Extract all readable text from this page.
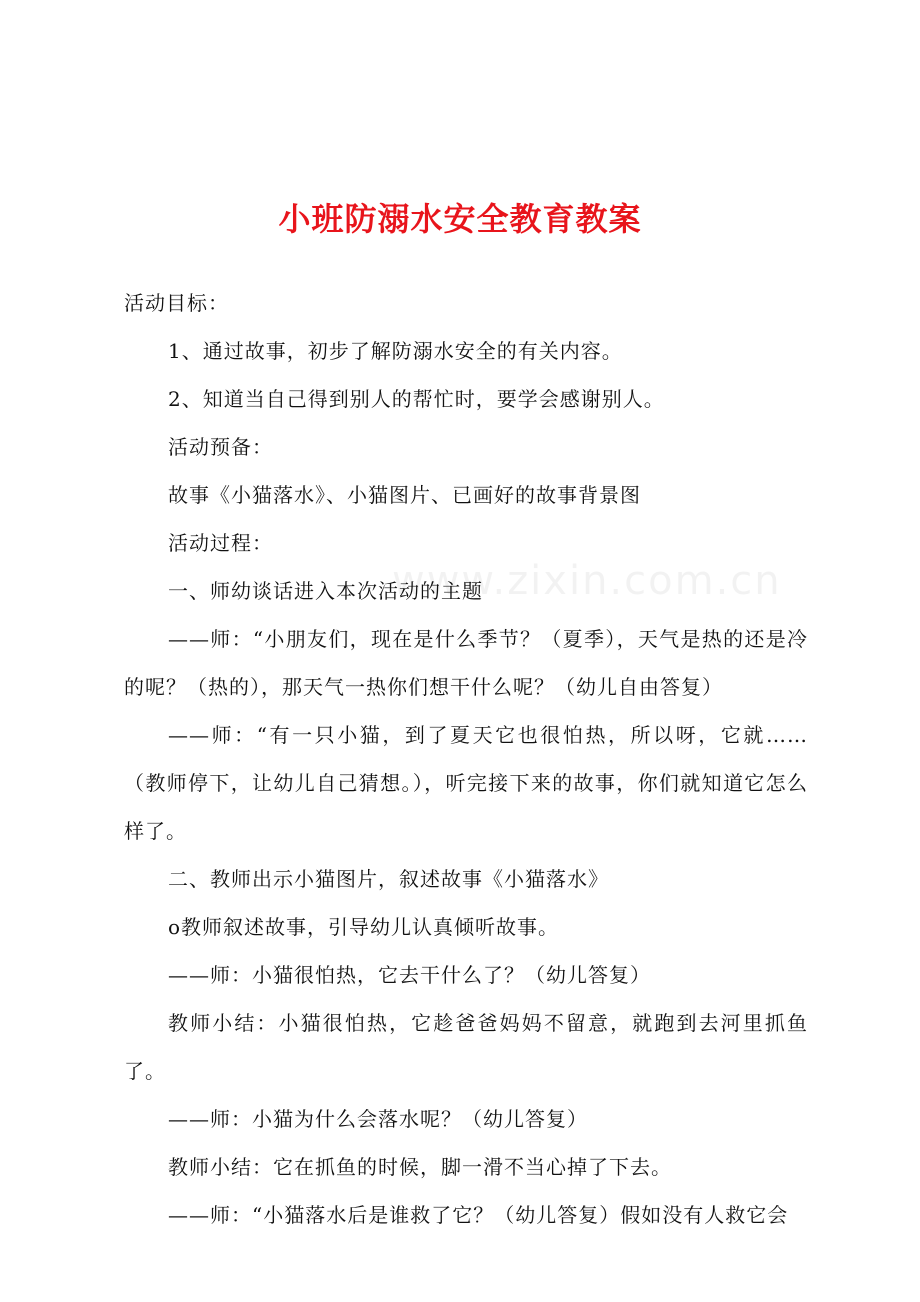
www.zixin.com.cn
小班防溺水安全教育教案

活动目标：

1、通过故事，初步了解防溺水安全的有关内容。

2、知道当自己得到别人的帮忙时，要学会感谢别人。

活动预备：

故事《小猫落水》、小猫图片、已画好的故事背景图

活动过程：

一、师幼谈话进入本次活动的主题

——师：“小朋友们，现在是什么季节？（夏季），天气是热的还是冷的呢？（热的），那天气一热你们想干什么呢？（幼儿自由答复）

——师：“有一只小猫，到了夏天它也很怕热，所以呀，它就……（教师停下，让幼儿自己猜想。），听完接下来的故事，你们就知道它怎么样了。

二、教师出示小猫图片，叙述故事《小猫落水》

o教师叙述故事，引导幼儿认真倾听故事。

——师：小猫很怕热，它去干什么了？（幼儿答复）

教师小结：小猫很怕热，它趁爸爸妈妈不留意，就跑到去河里抓鱼了。

——师：小猫为什么会落水呢？（幼儿答复）

教师小结：它在抓鱼的时候，脚一滑不当心掉了下去。

——师：“小猫落水后是谁救了它？（幼儿答复）假如没有人救它会
